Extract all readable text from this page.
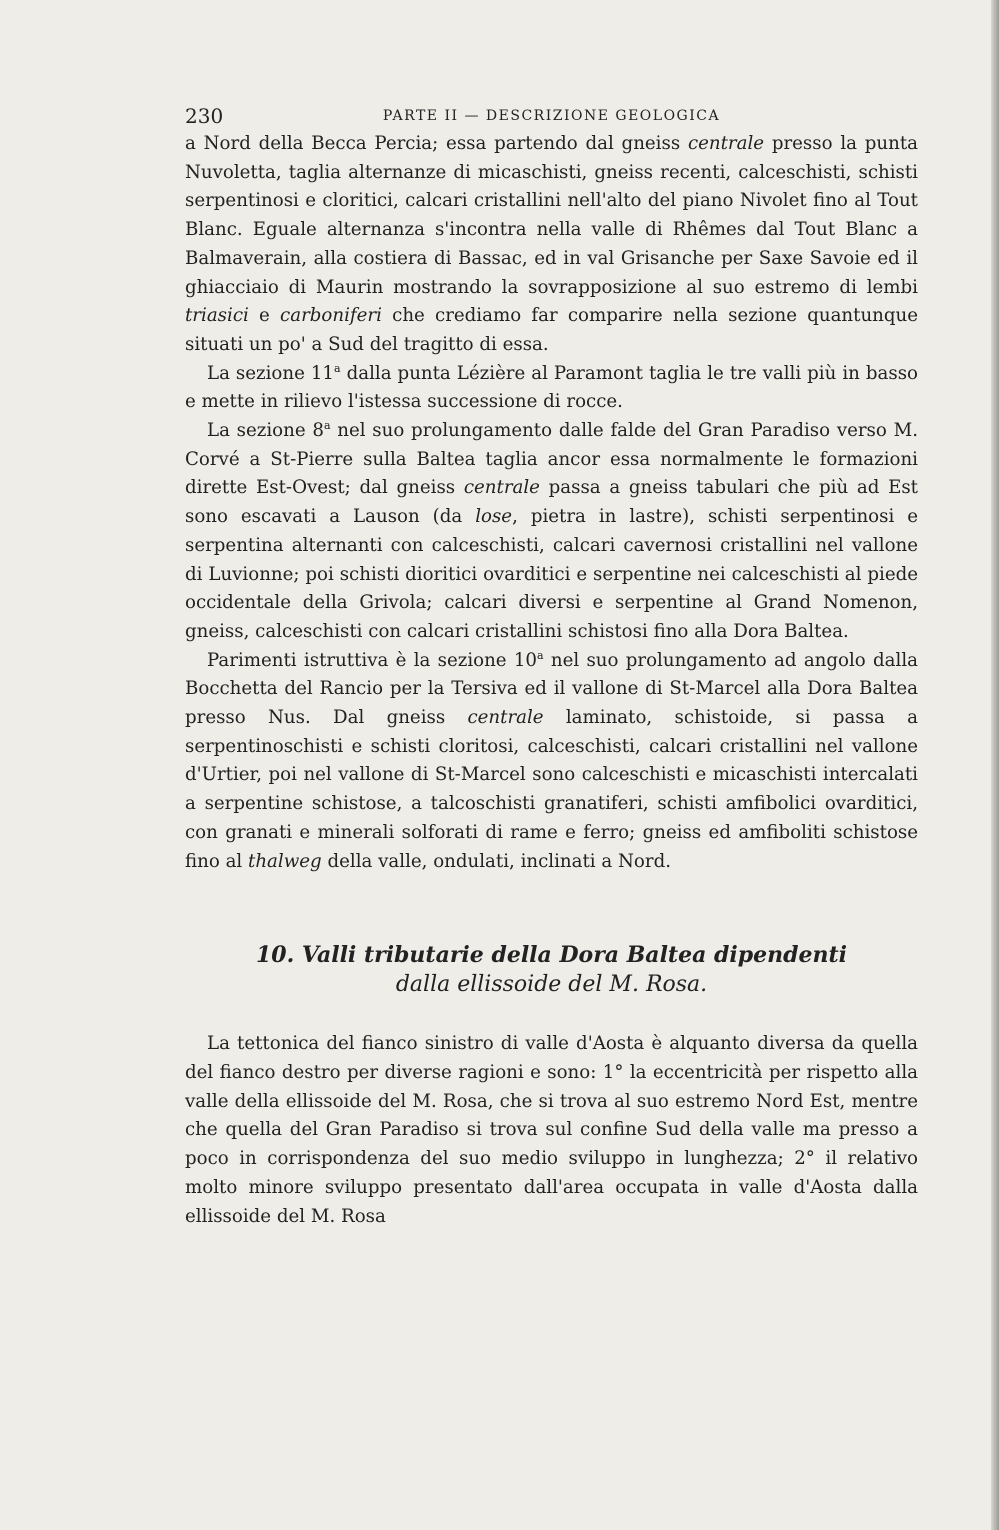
230	PARTE II — DESCRIZIONE GEOLOGICA

a Nord della Becca Percia; essa partendo dal gneiss centrale presso la punta Nuvoletta, taglia alternanze di micaschisti, gneiss recenti, calceschisti, schisti serpentinosi e cloritici, calcari cristallini nell'alto del piano Nivolet fino al Tout Blanc. Eguale alternanza s'incontra nella valle di Rhêmes dal Tout Blanc a Balmaverain, alla costiera di Bassac, ed in val Grisanche per Saxe Savoie ed il ghiacciaio di Maurin mostrando la sovrapposizione al suo estremo di lembi triasici e carboniferi che crediamo far comparire nella sezione quantunque situati un po' a Sud del tragitto di essa.

La sezione 11$^a$ dalla punta Lézière al Paramont taglia le tre valli più in basso e mette in rilievo l'istessa successione di rocce.

La sezione 8$^a$ nel suo prolungamento dalle falde del Gran Paradiso verso M. Corvé a St-Pierre sulla Baltea taglia ancor essa normalmente le formazioni dirette Est-Ovest; dal gneiss centrale passa a gneiss tabulari che più ad Est sono escavati a Lauson (da lose, pietra in lastre), schisti serpentinosi e serpentina alternanti con calceschisti, calcari cavernosi cristallini nel vallone di Luvionne; poi schisti dioritici ovarditici e serpentine nei calceschisti al piede occidentale della Grivola; calcari diversi e serpentine al Grand Nomenon, gneiss, calceschisti con calcari cristallini schistosi fino alla Dora Baltea.

Parimenti istruttiva è la sezione 10$^a$ nel suo prolungamento ad angolo dalla Bocchetta del Rancio per la Tersiva ed il vallone di St-Marcel alla Dora Baltea presso Nus. Dal gneiss centrale laminato, schistoide, si passa a serpentinoschisti e schisti cloritosi, calceschisti, calcari cristallini nel vallone d'Urtier, poi nel vallone di St-Marcel sono calceschisti e micaschisti intercalati a serpentine schistose, a talcoschisti granatiferi, schisti amfibolici ovarditici, con granati e minerali solforati di rame e ferro; gneiss ed amfiboliti schistose fino al thalweg della valle, ondulati, inclinati a Nord.

10. Valli tributarie della Dora Baltea dipendenti
dalla ellissoide del M. Rosa.

La tettonica del fianco sinistro di valle d'Aosta è alquanto diversa da quella del fianco destro per diverse ragioni e sono: 1° la eccentricità per rispetto alla valle della ellissoide del M. Rosa, che si trova al suo estremo Nord Est, mentre che quella del Gran Paradiso si trova sul confine Sud della valle ma presso a poco in corrispondenza del suo medio sviluppo in lunghezza; 2° il relativo molto minore sviluppo presentato dall'area occupata in valle d'Aosta dalla ellissoide del M. Rosa
